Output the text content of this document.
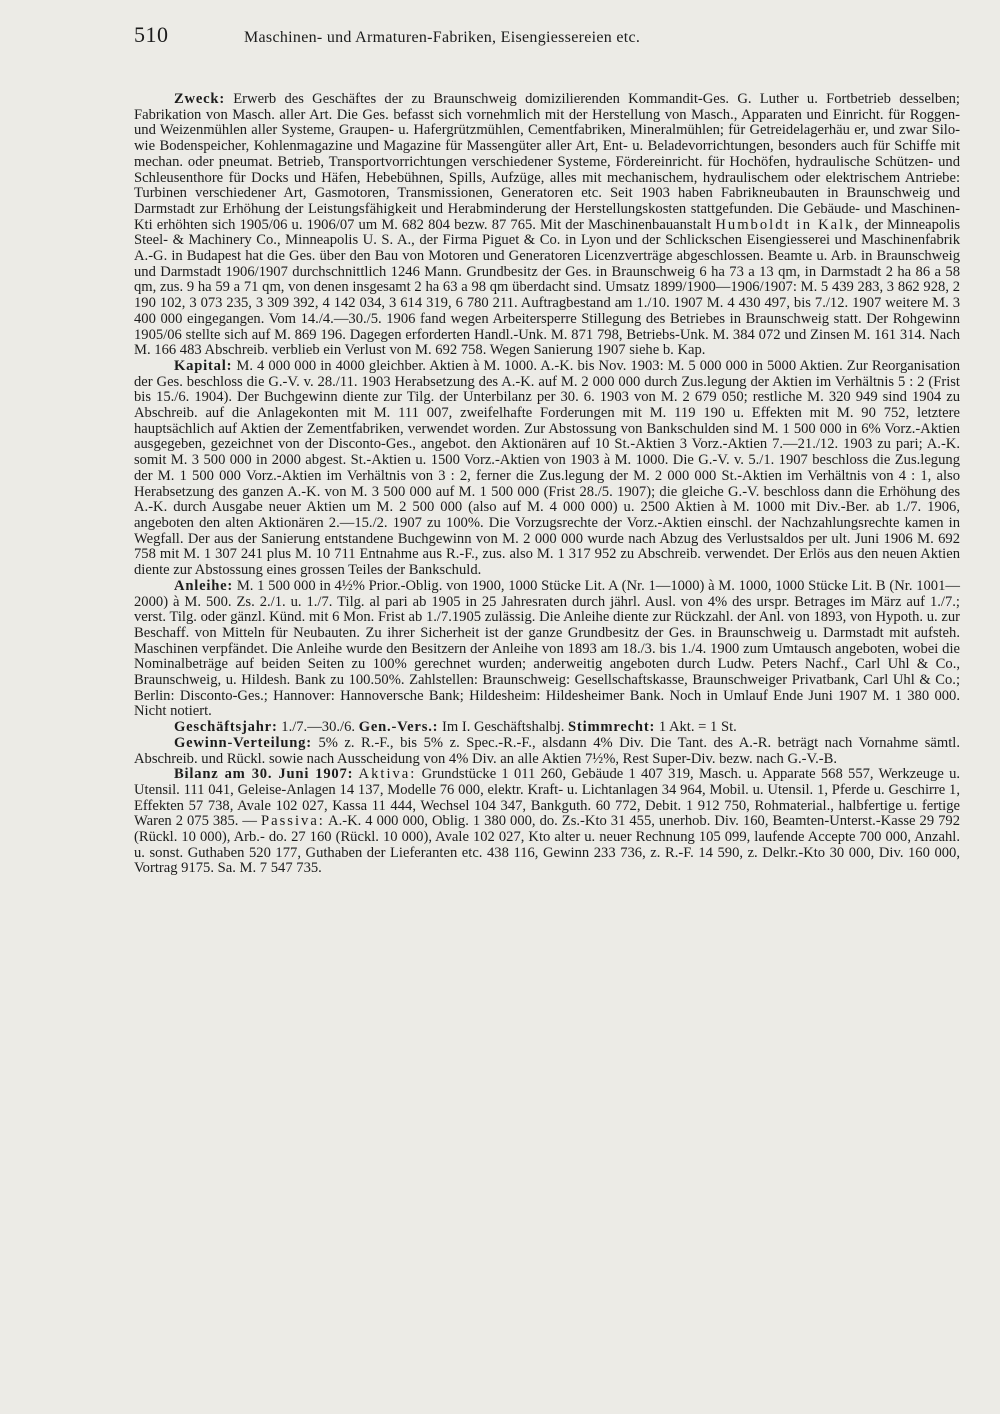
510	Maschinen- und Armaturen-Fabriken, Eisengiessereien etc.

Zweck: Erwerb des Geschäftes der zu Braunschweig domizilierenden Kommandit-Ges. G. Luther u. Fortbetrieb desselben; Fabrikation von Masch. aller Art. Die Ges. befasst sich vornehmlich mit der Herstellung von Masch., Apparaten und Einricht. für Roggen- und Weizenmühlen aller Systeme, Graupen- u. Hafergrützmühlen, Cementfabriken, Mineralmühlen; für Getreidelagerhäu er, und zwar Silo- wie Bodenspeicher, Kohlenmagazine und Magazine für Massengüter aller Art, Ent- u. Beladevorrichtungen, besonders auch für Schiffe mit mechan. oder pneumat. Betrieb, Transportvorrichtungen verschiedener Systeme, Fördereinricht. für Hochöfen, hydraulische Schützen- und Schleusenthore für Docks und Häfen, Hebebühnen, Spills, Aufzüge, alles mit mechanischem, hydraulischem oder elektrischem Antriebe: Turbinen verschiedener Art, Gasmotoren, Transmissionen, Generatoren etc. Seit 1903 haben Fabrikneubauten in Braunschweig und Darmstadt zur Erhöhung der Leistungsfähigkeit und Herabminderung der Herstellungskosten stattgefunden. Die Gebäude- und Maschinen-Kti erhöhten sich 1905/06 u. 1906/07 um M. 682 804 bezw. 87 765. Mit der Maschinenbauanstalt Humboldt in Kalk, der Minneapolis Steel- & Machinery Co., Minneapolis U. S. A., der Firma Piguet & Co. in Lyon und der Schlickschen Eisengiesserei und Maschinenfabrik A.-G. in Budapest hat die Ges. über den Bau von Motoren und Generatoren Licenzverträge abgeschlossen. Beamte u. Arb. in Braunschweig und Darmstadt 1906/1907 durchschnittlich 1246 Mann. Grundbesitz der Ges. in Braunschweig 6 ha 73 a 13 qm, in Darmstadt 2 ha 86 a 58 qm, zus. 9 ha 59 a 71 qm, von denen insgesamt 2 ha 63 a 98 qm überdacht sind. Umsatz 1899/1900—1906/1907: M. 5 439 283, 3 862 928, 2 190 102, 3 073 235, 3 309 392, 4 142 034, 3 614 319, 6 780 211. Auftragbestand am 1./10. 1907 M. 4 430 497, bis 7./12. 1907 weitere M. 3 400 000 eingegangen. Vom 14./4.—30./5. 1906 fand wegen Arbeitersperre Stillegung des Betriebes in Braunschweig statt. Der Rohgewinn 1905/06 stellte sich auf M. 869 196. Dagegen erforderten Handl.-Unk. M. 871 798, Betriebs-Unk. M. 384 072 und Zinsen M. 161 314. Nach M. 166 483 Abschreib. verblieb ein Verlust von M. 692 758. Wegen Sanierung 1907 siehe b. Kap.

Kapital: M. 4 000 000 in 4000 gleichber. Aktien à M. 1000. A.-K. bis Nov. 1903: M. 5 000 000 in 5000 Aktien. Zur Reorganisation der Ges. beschloss die G.-V. v. 28./11. 1903 Herabsetzung des A.-K. auf M. 2 000 000 durch Zus.legung der Aktien im Verhältnis 5 : 2 (Frist bis 15./6. 1904). Der Buchgewinn diente zur Tilg. der Unterbilanz per 30. 6. 1903 von M. 2 679 050; restliche M. 320 949 sind 1904 zu Abschreib. auf die Anlagekonten mit M. 111 007, zweifelhafte Forderungen mit M. 119 190 u. Effekten mit M. 90 752, letztere hauptsächlich auf Aktien der Zementfabriken, verwendet worden. Zur Abstossung von Bankschulden sind M. 1 500 000 in 6% Vorz.-Aktien ausgegeben, gezeichnet von der Disconto-Ges., angebot. den Aktionären auf 10 St.-Aktien 3 Vorz.-Aktien 7.—21./12. 1903 zu pari; A.-K. somit M. 3 500 000 in 2000 abgest. St.-Aktien u. 1500 Vorz.-Aktien von 1903 à M. 1000. Die G.-V. v. 5./1. 1907 beschloss die Zus.legung der M. 1 500 000 Vorz.-Aktien im Verhältnis von 3 : 2, ferner die Zus.legung der M. 2 000 000 St.-Aktien im Verhältnis von 4 : 1, also Herabsetzung des ganzen A.-K. von M. 3 500 000 auf M. 1 500 000 (Frist 28./5. 1907); die gleiche G.-V. beschloss dann die Erhöhung des A.-K. durch Ausgabe neuer Aktien um M. 2 500 000 (also auf M. 4 000 000) u. 2500 Aktien à M. 1000 mit Div.-Ber. ab 1./7. 1906, angeboten den alten Aktionären 2.—15./2. 1907 zu 100%. Die Vorzugsrechte der Vorz.-Aktien einschl. der Nachzahlungsrechte kamen in Wegfall. Der aus der Sanierung entstandene Buchgewinn von M. 2 000 000 wurde nach Abzug des Verlustsaldos per ult. Juni 1906 M. 692 758 mit M. 1 307 241 plus M. 10 711 Entnahme aus R.-F., zus. also M. 1 317 952 zu Abschreib. verwendet. Der Erlös aus den neuen Aktien diente zur Abstossung eines grossen Teiles der Bankschuld.

Anleihe: M. 1 500 000 in 4½% Prior.-Oblig. von 1900, 1000 Stücke Lit. A (Nr. 1—1000) à M. 1000, 1000 Stücke Lit. B (Nr. 1001—2000) à M. 500. Zs. 2./1. u. 1./7. Tilg. al pari ab 1905 in 25 Jahresraten durch jährl. Ausl. von 4% des urspr. Betrages im März auf 1./7.; verst. Tilg. oder gänzl. Künd. mit 6 Mon. Frist ab 1./7.1905 zulässig. Die Anleihe diente zur Rückzahl. der Anl. von 1893, von Hypoth. u. zur Beschaff. von Mitteln für Neubauten. Zu ihrer Sicherheit ist der ganze Grundbesitz der Ges. in Braunschweig u. Darmstadt mit aufsteh. Maschinen verpfändet. Die Anleihe wurde den Besitzern der Anleihe von 1893 am 18./3. bis 1./4. 1900 zum Umtausch angeboten, wobei die Nominalbeträge auf beiden Seiten zu 100% gerechnet wurden; anderweitig angeboten durch Ludw. Peters Nachf., Carl Uhl & Co., Braunschweig, u. Hildesh. Bank zu 100.50%. Zahlstellen: Braunschweig: Gesellschaftskasse, Braunschweiger Privatbank, Carl Uhl & Co.; Berlin: Disconto-Ges.; Hannover: Hannoversche Bank; Hildesheim: Hildesheimer Bank. Noch in Umlauf Ende Juni 1907 M. 1 380 000. Nicht notiert.

Geschäftsjahr: 1./7.—30./6. Gen.-Vers.: Im I. Geschäftshalbj. Stimmrecht: 1 Akt. = 1 St.

Gewinn-Verteilung: 5% z. R.-F., bis 5% z. Spec.-R.-F., alsdann 4% Div. Die Tant. des A.-R. beträgt nach Vornahme sämtl. Abschreib. und Rückl. sowie nach Ausscheidung von 4% Div. an alle Aktien 7½%, Rest Super-Div. bezw. nach G.-V.-B.

Bilanz am 30. Juni 1907: Aktiva: Grundstücke 1 011 260, Gebäude 1 407 319, Masch. u. Apparate 568 557, Werkzeuge u. Utensil. 111 041, Geleise-Anlagen 14 137, Modelle 76 000, elektr. Kraft- u. Lichtanlagen 34 964, Mobil. u. Utensil. 1, Pferde u. Geschirre 1, Effekten 57 738, Avale 102 027, Kassa 11 444, Wechsel 104 347, Bankguth. 60 772, Debit. 1 912 750, Rohmaterial., halbfertige u. fertige Waren 2 075 385. — Passiva: A.-K. 4 000 000, Oblig. 1 380 000, do. Zs.-Kto 31 455, unerhob. Div. 160, Beamten-Unterst.-Kasse 29 792 (Rückl. 10 000), Arb.- do. 27 160 (Rückl. 10 000), Avale 102 027, Kto alter u. neuer Rechnung 105 099, laufende Accepte 700 000, Anzahl. u. sonst. Guthaben 520 177, Guthaben der Lieferanten etc. 438 116, Gewinn 233 736, z. R.-F. 14 590, z. Delkr.-Kto 30 000, Div. 160 000, Vortrag 9175. Sa. M. 7 547 735.
